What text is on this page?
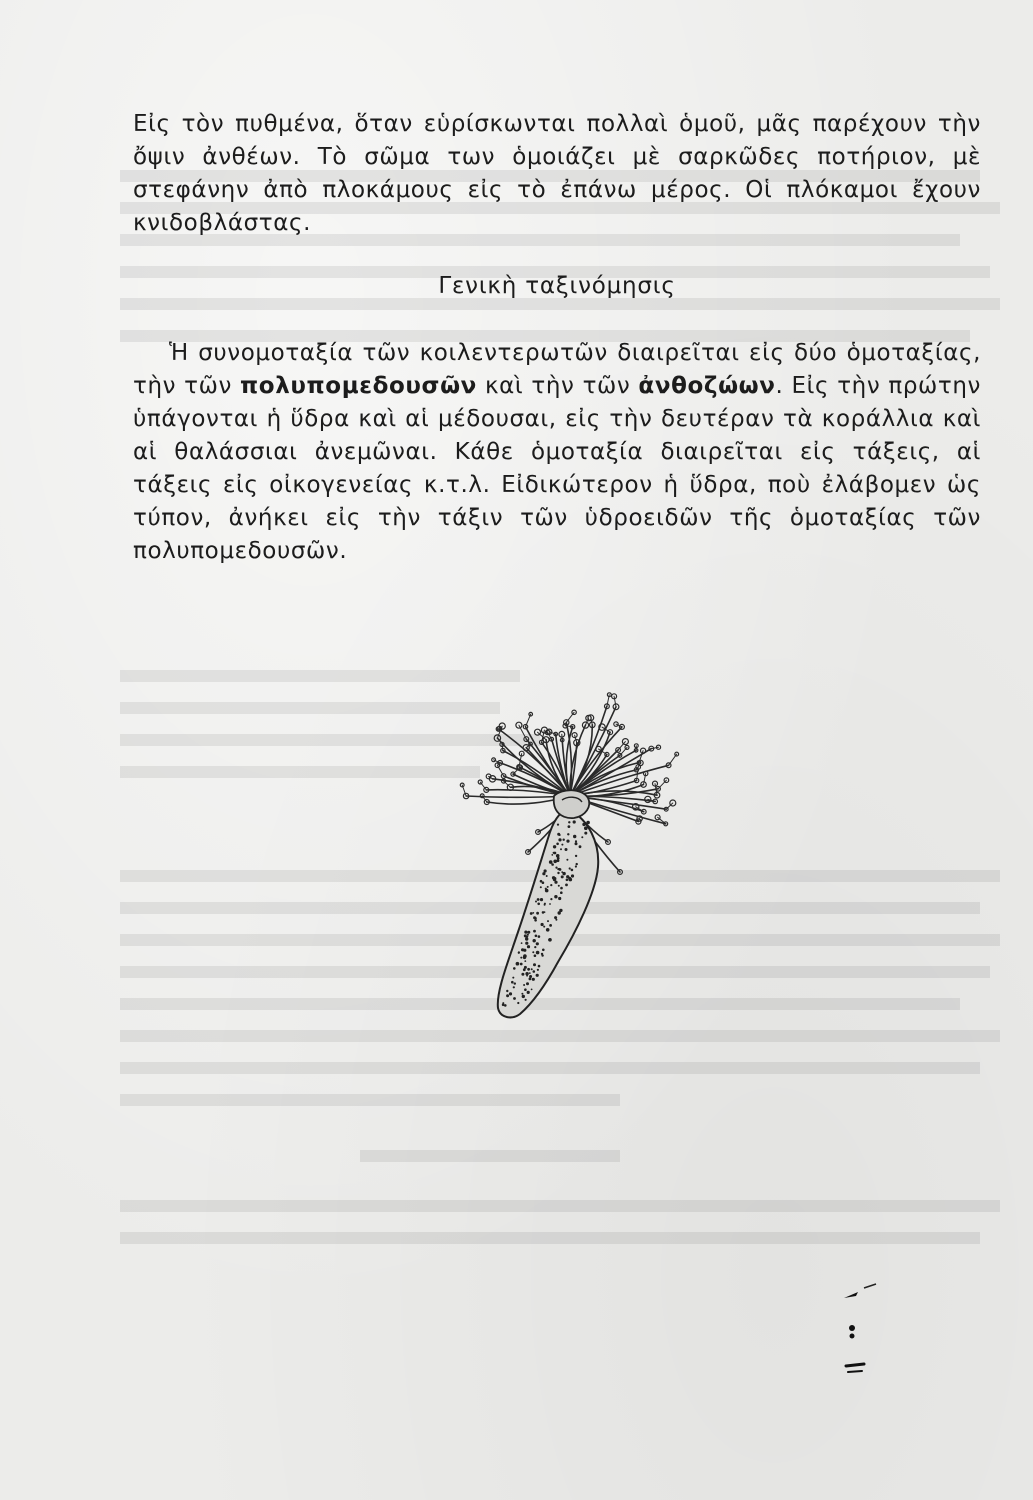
Εἰς τὸν πυθμένα, ὅταν εὑρίσκωνται πολλαὶ ὁμοῦ, μᾶς παρέχουν τὴν ὄψιν ἀνθέων. Τὸ σῶμα των ὁμοιάζει μὲ σαρκῶδες ποτήριον, μὲ στεφάνην ἀπὸ πλοκάμους εἰς τὸ ἐπάνω μέρος. Οἱ πλόκαμοι ἔχουν κνιδοβλάστας.

Γενικὴ ταξινόμησις

Ἡ συνομοταξία τῶν κοιλεντερωτῶν διαιρεῖται εἰς δύο ὁμοταξίας, τὴν τῶν πολυπομεδουσῶν καὶ τὴν τῶν ἀνθοζώων. Εἰς τὴν πρώτην ὑπάγονται ἡ ὕδρα καὶ αἱ μέδουσαι, εἰς τὴν δευτέραν τὰ κοράλλια καὶ αἱ θαλάσσιαι ἀνεμῶναι. Κάθε ὁμοταξία διαιρεῖται εἰς τάξεις, αἱ τάξεις εἰς οἰκογενείας κ.τ.λ. Εἰδικώτερον ἡ ὕδρα, ποὺ ἐλάβομεν ὡς τύπον, ἀνήκει εἰς τὴν τάξιν τῶν ὑδροειδῶν τῆς ὁμοταξίας τῶν πολυπομεδουσῶν.
